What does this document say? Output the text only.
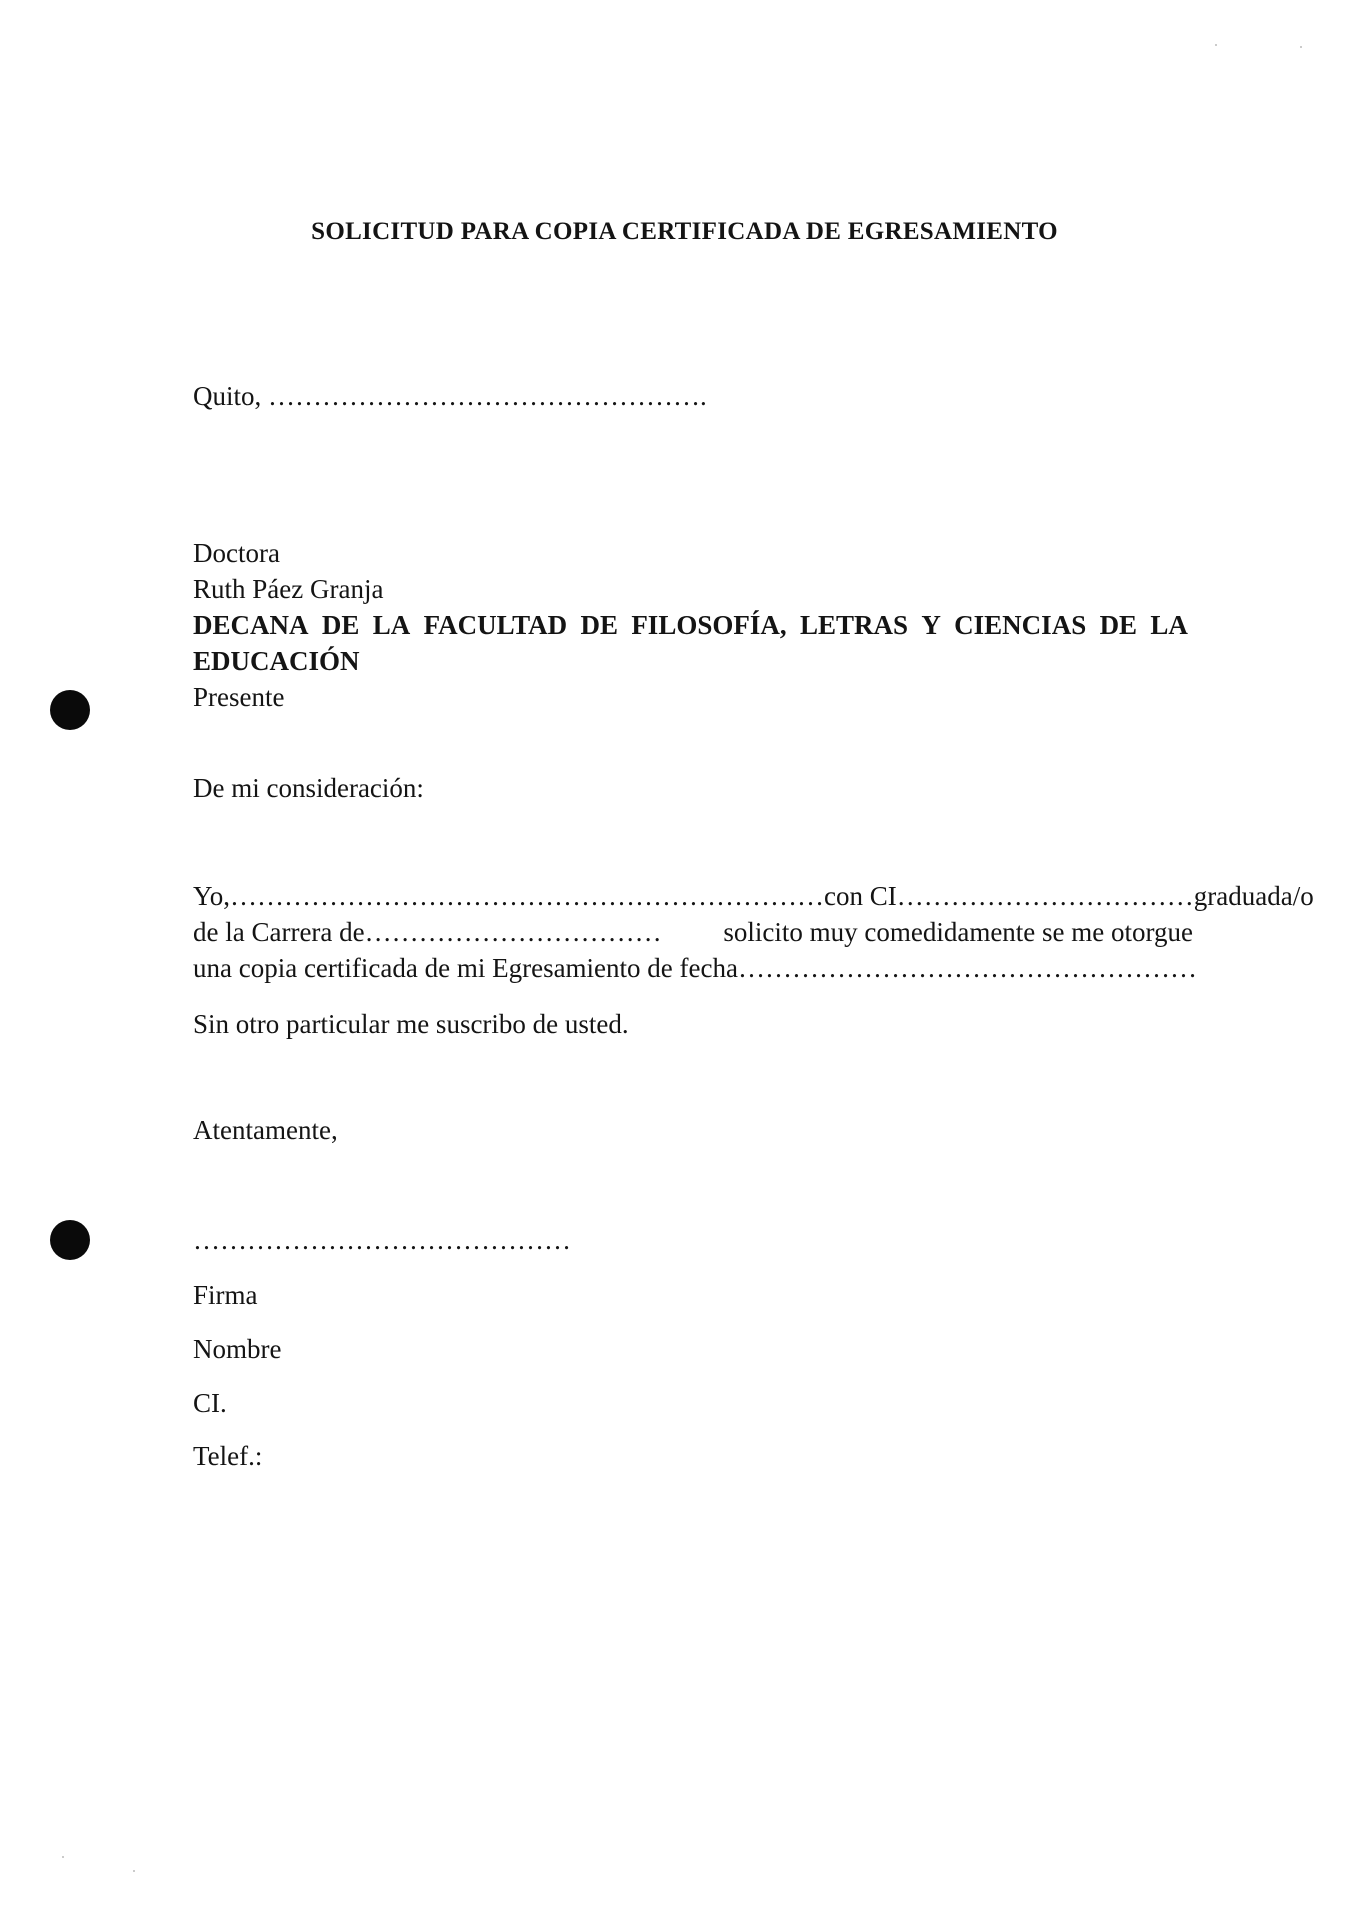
SOLICITUD PARA COPIA CERTIFICADA DE EGRESAMIENTO
Quito, ………………………………………….
Doctora
Ruth Páez Granja
DECANA DE LA FACULTAD DE FILOSOFÍA, LETRAS Y CIENCIAS DE LA
EDUCACIÓN
Presente
De mi consideración:
Yo,………………………………………………………… con CI…………………………… graduada/o
de la Carrera de…………………………… solicito muy comedidamente se me otorgue
una copia certificada de mi Egresamiento de fecha……………………………………………
Sin otro particular me suscribo de usted.
Atentamente,
……………………………………
Firma
Nombre
CI.
Telef.:
